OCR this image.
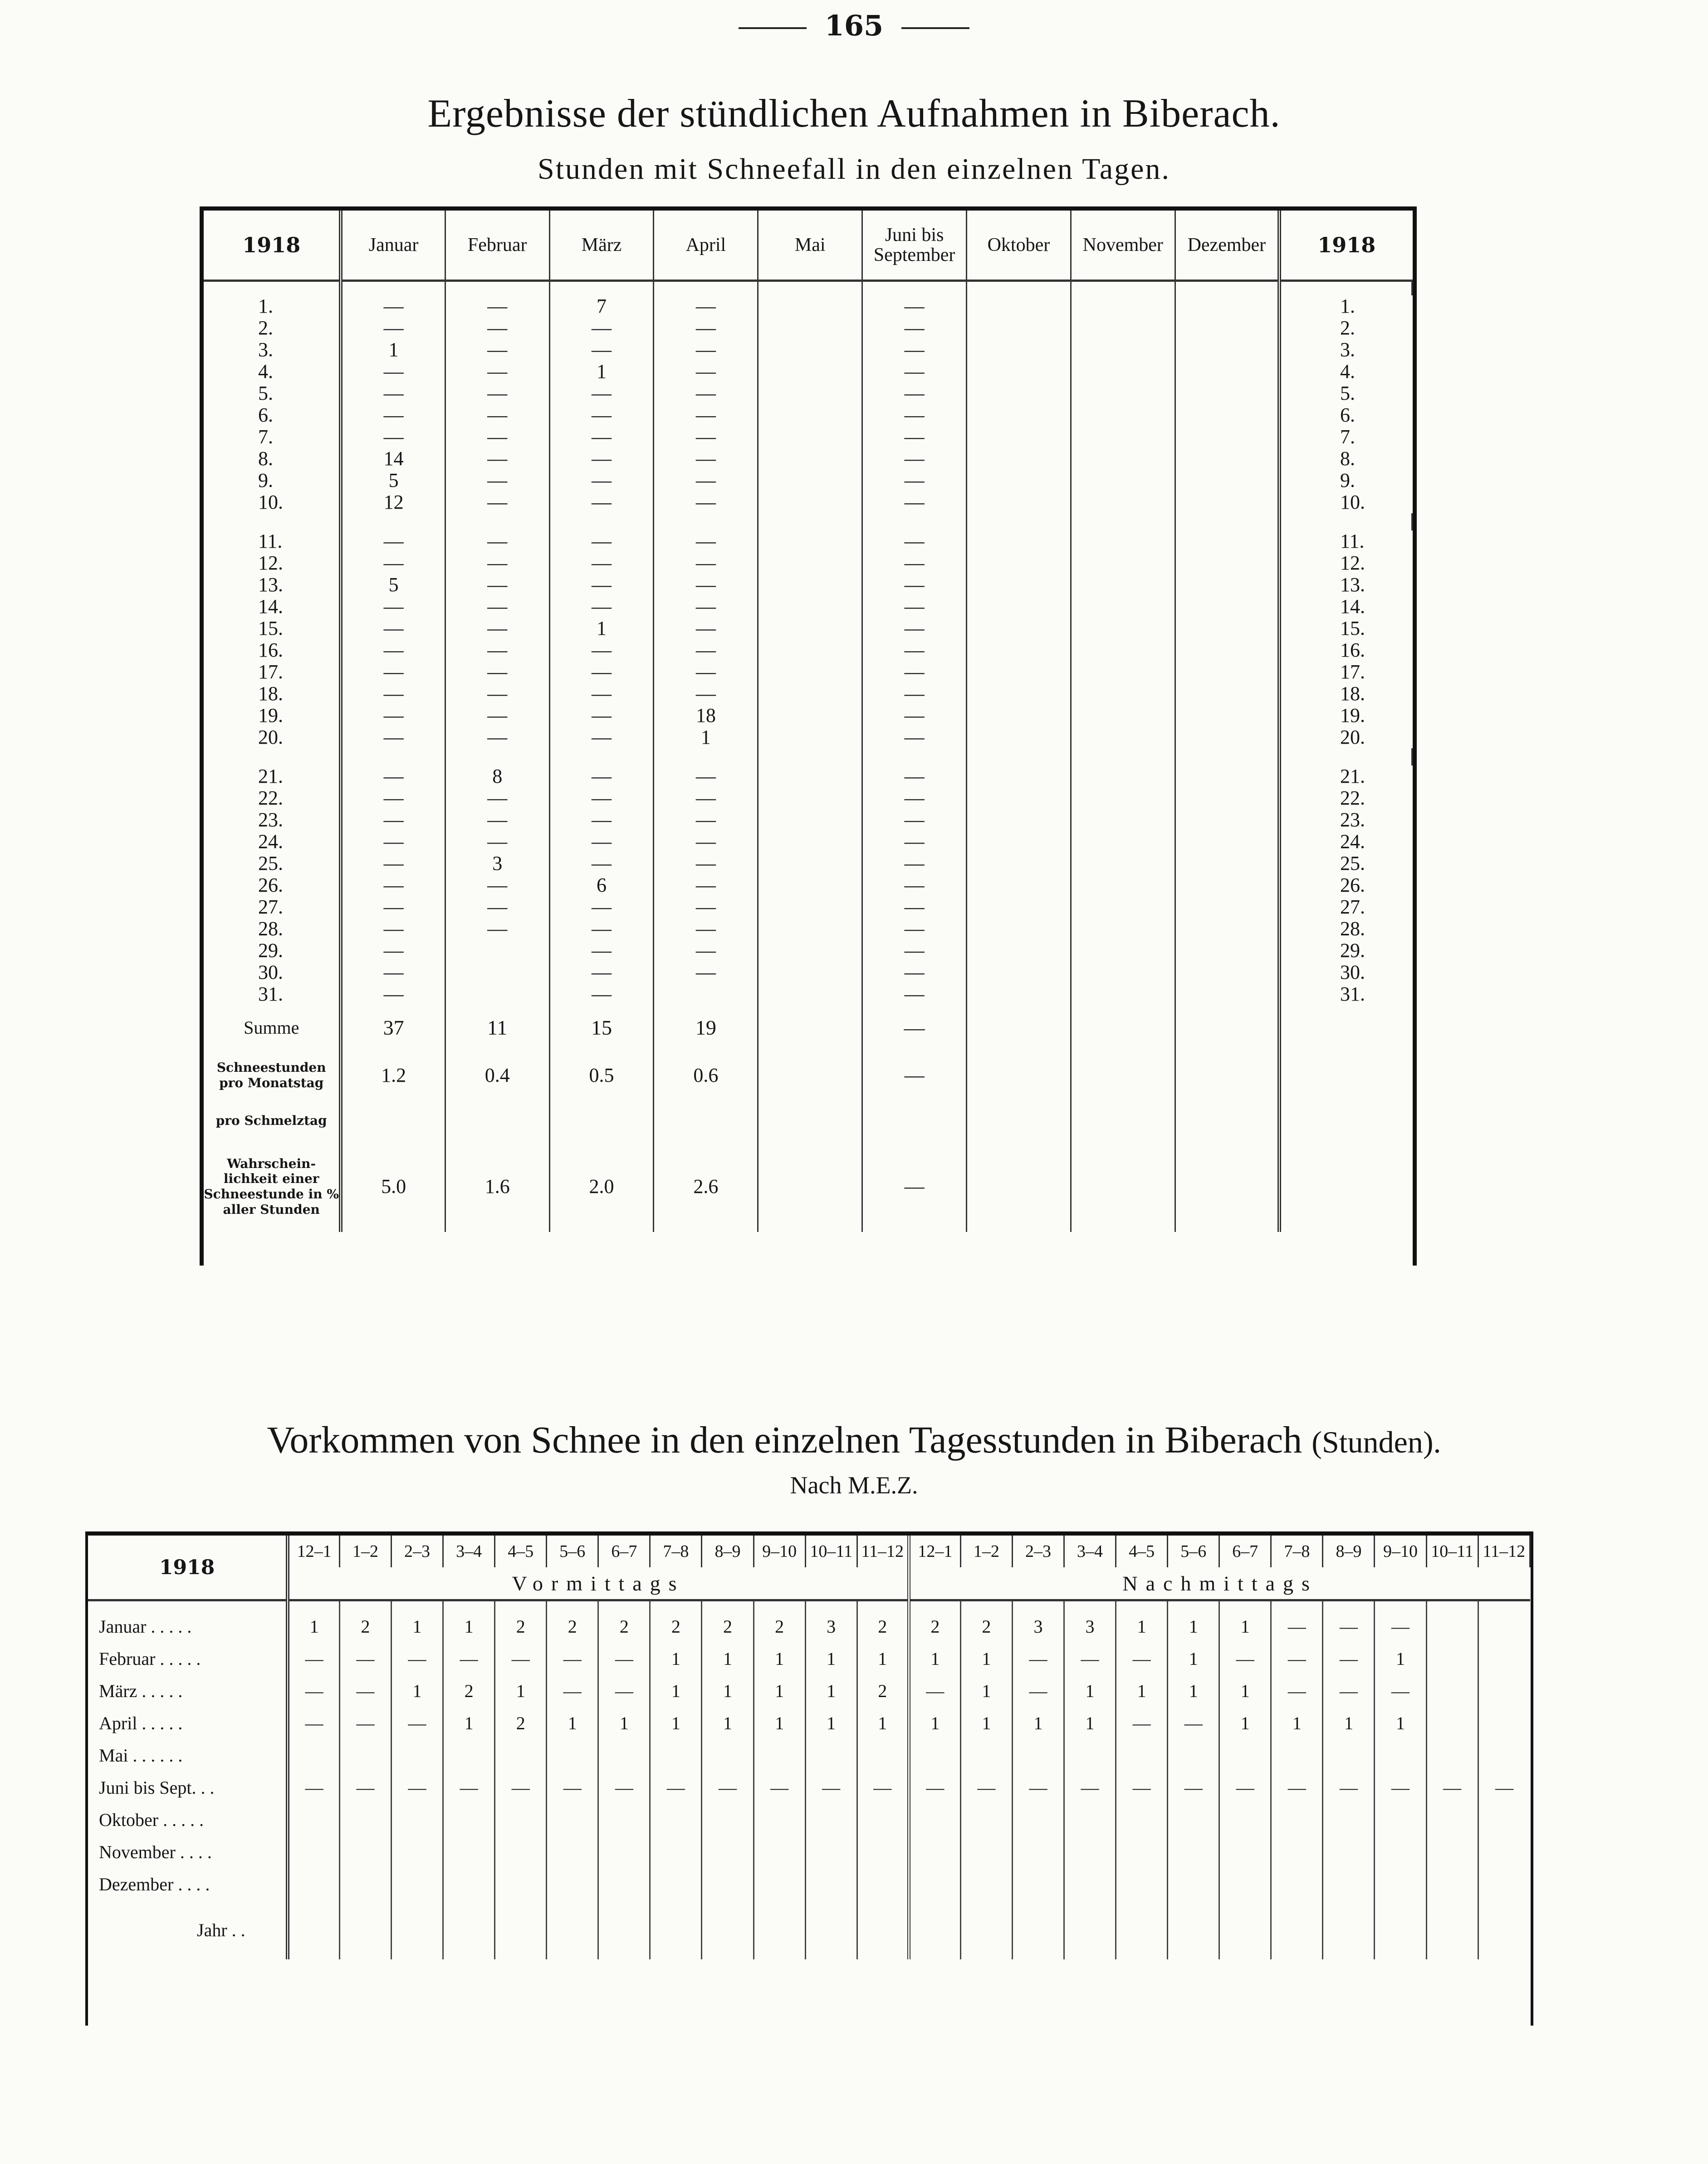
165
Ergebnisse der stündlichen Aufnahmen in Biberach.
Stunden mit Schneefall in den einzelnen Tagen.
1918	Januar	Februar	März	April	Mai	Juni bis September	Oktober	November	Dezember	1918

1.	—	—	7	—		—				1.
2.	—	—	—	—		—				2.
3.	1	—	—	—		—				3.
4.	—	—	1	—		—				4.
5.	—	—	—	—		—				5.
6.	—	—	—	—		—				6.
7.	—	—	—	—		—				7.
8.	14	—	—	—		—				8.
9.	5	—	—	—		—				9.
10.	12	—	—	—		—				10.

11.	—	—	—	—		—				11.
12.	—	—	—	—		—				12.
13.	5	—	—	—		—				13.
14.	—	—	—	—		—				14.
15.	—	—	1	—		—				15.
16.	—	—	—	—		—				16.
17.	—	—	—	—		—				17.
18.	—	—	—	—		—				18.
19.	—	—	—	18		—				19.
20.	—	—	—	1		—				20.

21.	—	8	—	—		—				21.
22.	—	—	—	—		—				22.
23.	—	—	—	—		—				23.
24.	—	—	—	—		—				24.
25.	—	3	—	—		—				25.
26.	—	—	6	—		—				26.
27.	—	—	—	—		—				27.
28.	—	—	—	—		—				28.
29.	—		—	—		—				29.
30.	—		—	—		—				30.
31.	—		—			—				31.

Summe	37	11	15	19		—				

Schneestunden pro Monatstag	1.2	0.4	0.5	0.6		—				

pro Schmelztag										

Wahrschein-lichkeit einer Schneestunde in % aller Stunden	5.0	1.6	2.0	2.6		—				
Vorkommen von Schnee in den einzelnen Tagesstunden in Biberach (Stunden).
Nach M.E.Z.
1918	12–1	1–2	2–3	3–4	4–5	5–6	6–7	7–8	8–9	9–10	10–11	11–12	12–1	1–2	2–3	3–4	4–5	5–6	6–7	7–8	8–9	9–10	10–11	11–12
	Vormittags												Nachmittags											
Januar . . . . .	1	2	1	1	2	2	2	2	2	2	3	2	2	2	3	3	1	1	1	—	—	—		
Februar . . . . .	—	—	—	—	—	—	—	1	1	1	1	1	1	1	—	—	—	1	—	—	—	1		
März . . . . .	—	—	1	2	1	—	—	1	1	1	1	2	—	1	—	1	1	1	1	—	—	—		
April . . . . .	—	—	—	1	2	1	1	1	1	1	1	1	1	1	1	1	—	—	1	1	1	1		
Mai . . . . . .																								
Juni bis Sept. . .	—	—	—	—	—	—	—	—	—	—	—	—	—	—	—	—	—	—	—	—	—	—	—	—
Oktober . . . . .																								
November . . . .																								
Dezember . . . .																								
Jahr . .																								
